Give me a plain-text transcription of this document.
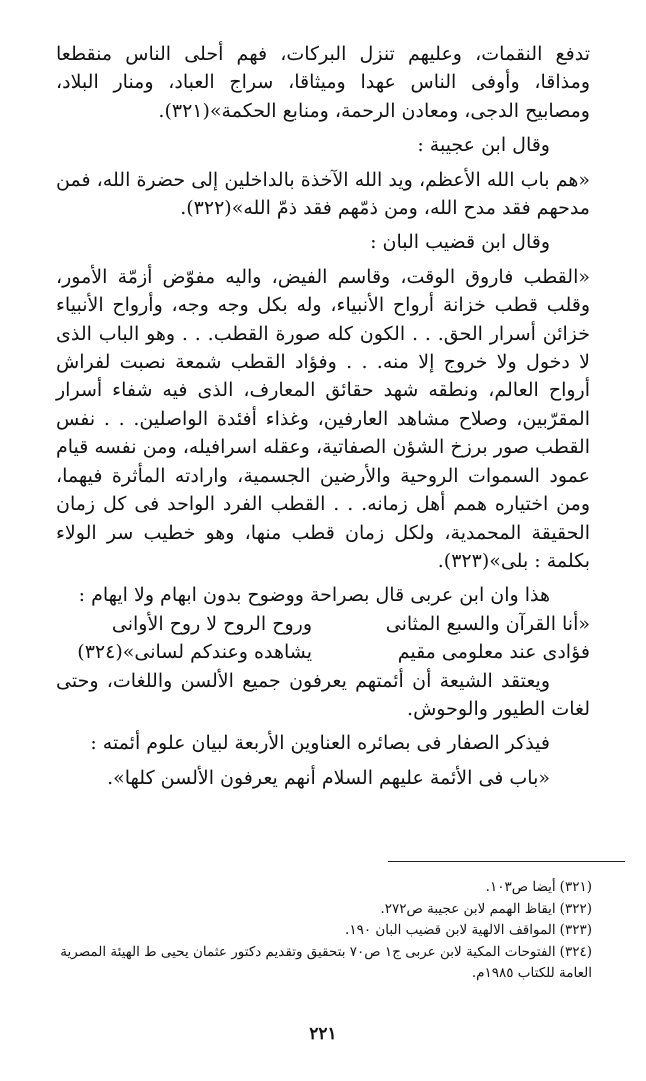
تدفع النقمات، وعليهم تنزل البركات، فهم أحلى الناس منقطعا ومذاقا، وأوفى الناس عهدا وميثاقا، سراج العباد، ومنار البلاد، ومصابيح الدجى، ومعادن الرحمة، ومنابع الحكمة»(٣٢١).

وقال ابن عجيبة :

«هم باب الله الأعظم، ويد الله الآخذة بالداخلين إلى حضرة الله، فمن مدحهم فقد مدح الله، ومن ذمّهم فقد ذمّ الله»(٣٢٢).

وقال ابن قضيب البان :

«القطب فاروق الوقت، وقاسم الفيض، واليه مفوّض أزمّة الأمور، وقلب قطب خزانة أرواح الأنبياء، وله بكل وجه وجه، وأرواح الأنبياء خزائن أسرار الحق. . . الكون كله صورة القطب. . . وهو الباب الذى لا دخول ولا خروج إلا منه. . . وفؤاد القطب شمعة نصبت لفراش أرواح العالم، ونطقه شهد حقائق المعارف، الذى فيه شفاء أسرار المقرّبين، وصلاح مشاهد العارفين، وغذاء أفئدة الواصلين. . . نفس القطب صور برزخ الشؤن الصفاتية، وعقله اسرافيله، ومن نفسه قيام عمود السموات الروحية والأرضين الجسمية، وارادته المأثرة فيهما، ومن اختياره همم أهل زمانه. . . القطب الفرد الواحد فى كل زمان الحقيقة المحمدية، ولكل زمان قطب منها، وهو خطيب سر الولاء بكلمة : بلى»(٣٢٣).

هذا وان ابن عربى قال بصراحة ووضوح بدون ابهام ولا ايهام :

«أنا القرآن والسبع المثانى
وروح الروح لا روح الأوانى
فؤادى عند معلومى مقيم
يشاهده وعندكم لسانى»(٣٢٤)

ويعتقد الشيعة أن أئمتهم يعرفون جميع الألسن واللغات، وحتى لغات الطيور والوحوش.

فيذكر الصفار فى بصائره العناوين الأربعة لبيان علوم أئمته :

«باب فى الأئمة عليهم السلام أنهم يعرفون الألسن كلها».

(٣٢١)أيضا ص١٠٣.

(٣٢٢)ايقاظ الهمم لابن عجيبة ص٢٧٢.

(٣٢٣)المواقف الالهية لابن قضيب البان ١٩٠.

(٣٢٤)الفتوحات المكية لابن عربى ج١ ص٧٠ بتحقيق وتقديم دكتور عثمان يحيى ط الهيئة المصرية العامة للكتاب ١٩٨٥م.

٢٢١
